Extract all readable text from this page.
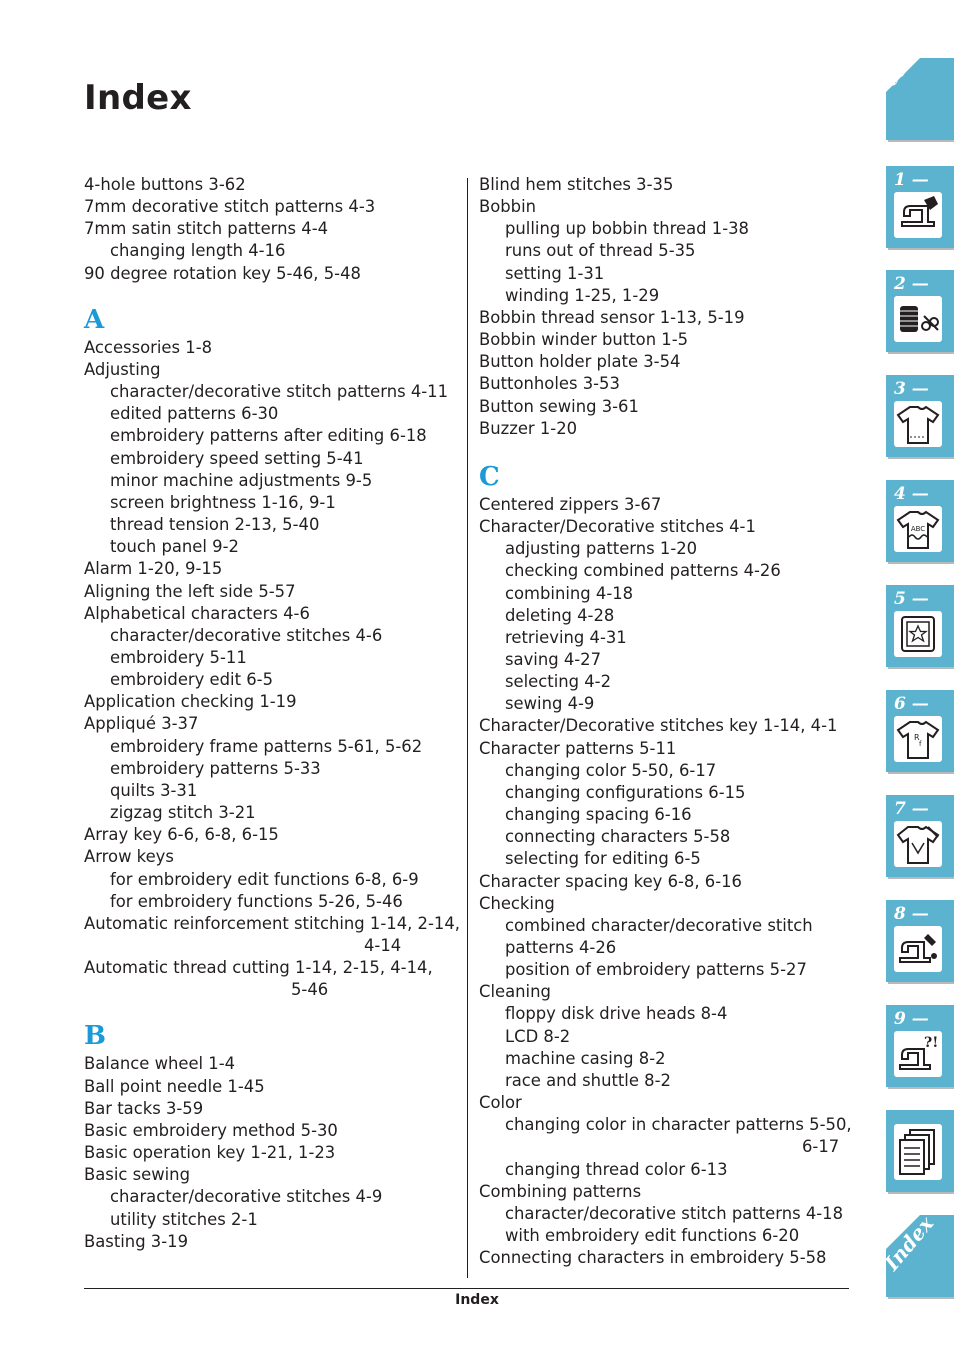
Index
4-hole buttons 3-62
7mm decorative stitch patterns 4-3
7mm satin stitch patterns 4-4
changing length 4-16
90 degree rotation key 5-46, 5-48
A
Accessories 1-8
Adjusting
character/decorative stitch patterns 4-11
edited patterns 6-30
embroidery patterns after editing 6-18
embroidery speed setting 5-41
minor machine adjustments 9-5
screen brightness 1-16, 9-1
thread tension 2-13, 5-40
touch panel 9-2
Alarm 1-20, 9-15
Aligning the left side 5-57
Alphabetical characters 4-6
character/decorative stitches 4-6
embroidery 5-11
embroidery edit 6-5
Application checking 1-19
Appliqué 3-37
embroidery frame patterns 5-61, 5-62
embroidery patterns 5-33
quilts 3-31
zigzag stitch 3-21
Array key 6-6, 6-8, 6-15
Arrow keys
for embroidery edit functions 6-8, 6-9
for embroidery functions 5-26, 5-46
Automatic reinforcement stitching 1-14, 2-14,
4-14
Automatic thread cutting 1-14, 2-15, 4-14,
5-46
B
Balance wheel 1-4
Ball point needle 1-45
Bar tacks 3-59
Basic embroidery method 5-30
Basic operation key 1-21, 1-23
Basic sewing
character/decorative stitches 4-9
utility stitches 2-1
Basting 3-19
Blind hem stitches 3-35
Bobbin
pulling up bobbin thread 1-38
runs out of thread 5-35
setting 1-31
winding 1-25, 1-29
Bobbin thread sensor 1-13, 5-19
Bobbin winder button 1-5
Button holder plate 3-54
Buttonholes 3-53
Button sewing 3-61
Buzzer 1-20
C
Centered zippers 3-67
Character/Decorative stitches 4-1
adjusting patterns 1-20
checking combined patterns 4-26
combining 4-18
deleting 4-28
retrieving 4-31
saving 4-27
selecting 4-2
sewing 4-9
Character/Decorative stitches key 1-14, 4-1
Character patterns 5-11
changing color 5-50, 6-17
changing configurations 6-15
changing spacing 6-16
connecting characters 5-58
selecting for editing 6-5
Character spacing key 6-8, 6-16
Checking
combined character/decorative stitch
patterns 4-26
position of embroidery patterns 5-27
Cleaning
floppy disk drive heads 8-4
LCD 8-2
machine casing 8-2
race and shuttle 8-2
Color
changing color in character patterns 5-50,
6-17
changing thread color 6-13
Combining patterns
character/decorative stitch patterns 4-18
with embroidery edit functions 6-20
Connecting characters in embroidery 5-58
Index
CONTENTS
1 —
2 —
3 —
4 —
ABC
5 —
6 —
R
f
7 —
8 —
9 —
?!
Index
